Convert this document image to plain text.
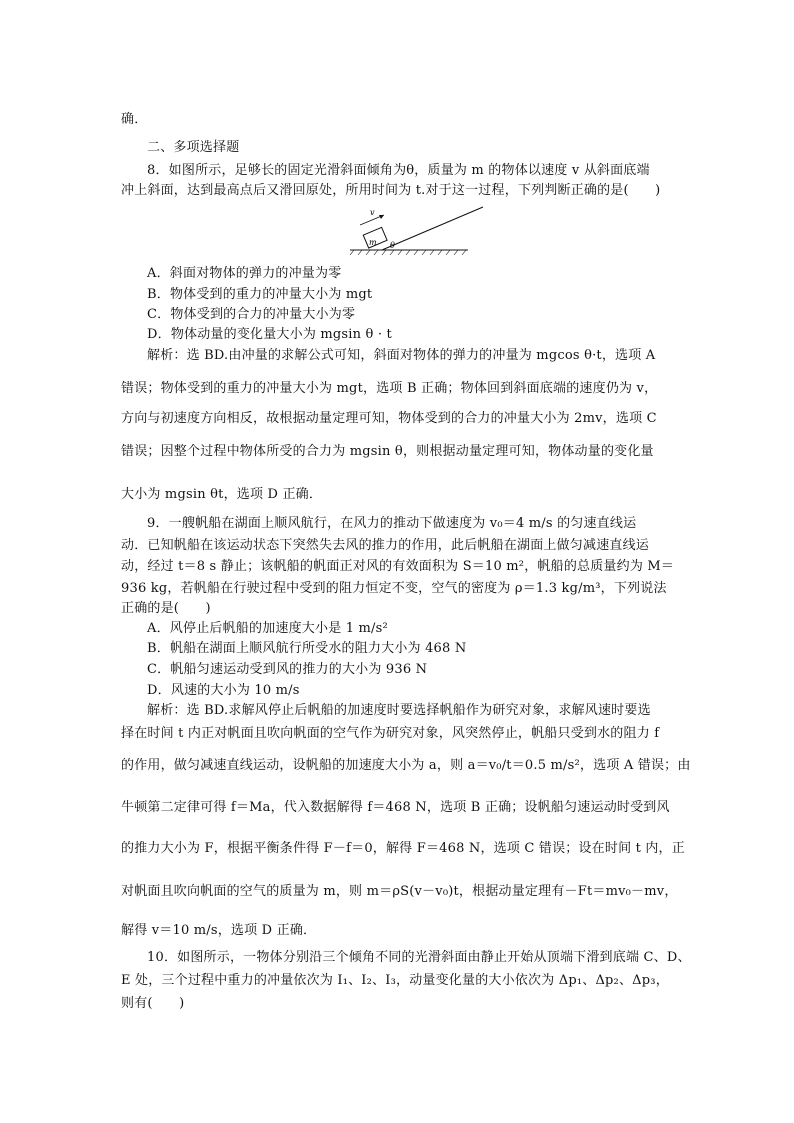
确．
二、多项选择题
8．如图所示，足够长的固定光滑斜面倾角为θ，质量为 m 的物体以速度 v 从斜面底端
冲上斜面，达到最高点后又滑回原处，所用时间为 t.对于这一过程，下列判断正确的是(　　)
m
v
θ
A．斜面对物体的弹力的冲量为零
B．物体受到的重力的冲量大小为 mgt
C．物体受到的合力的冲量大小为零
D．物体动量的变化量大小为 mgsin θ · t
解析：选 BD.由冲量的求解公式可知，斜面对物体的弹力的冲量为 mgcos θ·t，选项 A
错误；物体受到的重力的冲量大小为 mgt，选项 B 正确；物体回到斜面底端的速度仍为 v，
方向与初速度方向相反，故根据动量定理可知，物体受到的合力的冲量大小为 2mv，选项 C
错误；因整个过程中物体所受的合力为 mgsin θ，则根据动量定理可知，物体动量的变化量
大小为 mgsin θt，选项 D 正确．
9．一艘帆船在湖面上顺风航行，在风力的推动下做速度为 v₀＝4 m/s 的匀速直线运
动．已知帆船在该运动状态下突然失去风的推力的作用，此后帆船在湖面上做匀减速直线运
动，经过 t＝8 s 静止；该帆船的帆面正对风的有效面积为 S＝10 m²，帆船的总质量约为 M＝
936 kg，若帆船在行驶过程中受到的阻力恒定不变，空气的密度为 ρ＝1.3 kg/m³，下列说法
正确的是(　　)
A．风停止后帆船的加速度大小是 1 m/s²
B．帆船在湖面上顺风航行所受水的阻力大小为 468 N
C．帆船匀速运动受到风的推力的大小为 936 N
D．风速的大小为 10 m/s
解析：选 BD.求解风停止后帆船的加速度时要选择帆船作为研究对象，求解风速时要选
择在时间 t 内正对帆面且吹向帆面的空气作为研究对象，风突然停止，帆船只受到水的阻力 f
的作用，做匀减速直线运动，设帆船的加速度大小为 a，则 a＝v₀/t＝0.5 m/s²，选项 A 错误；由
牛顿第二定律可得 f＝Ma，代入数据解得 f＝468 N，选项 B 正确；设帆船匀速运动时受到风
的推力大小为 F，根据平衡条件得 F－f＝0，解得 F＝468 N，选项 C 错误；设在时间 t 内，正
对帆面且吹向帆面的空气的质量为 m，则 m＝ρS(v－v₀)t，根据动量定理有－Ft＝mv₀－mv，
解得 v＝10 m/s，选项 D 正确．
10．如图所示，一物体分别沿三个倾角不同的光滑斜面由静止开始从顶端下滑到底端 C、D、
E 处，三个过程中重力的冲量依次为 I₁、I₂、I₃，动量变化量的大小依次为 Δp₁、Δp₂、Δp₃，
则有(　　)
